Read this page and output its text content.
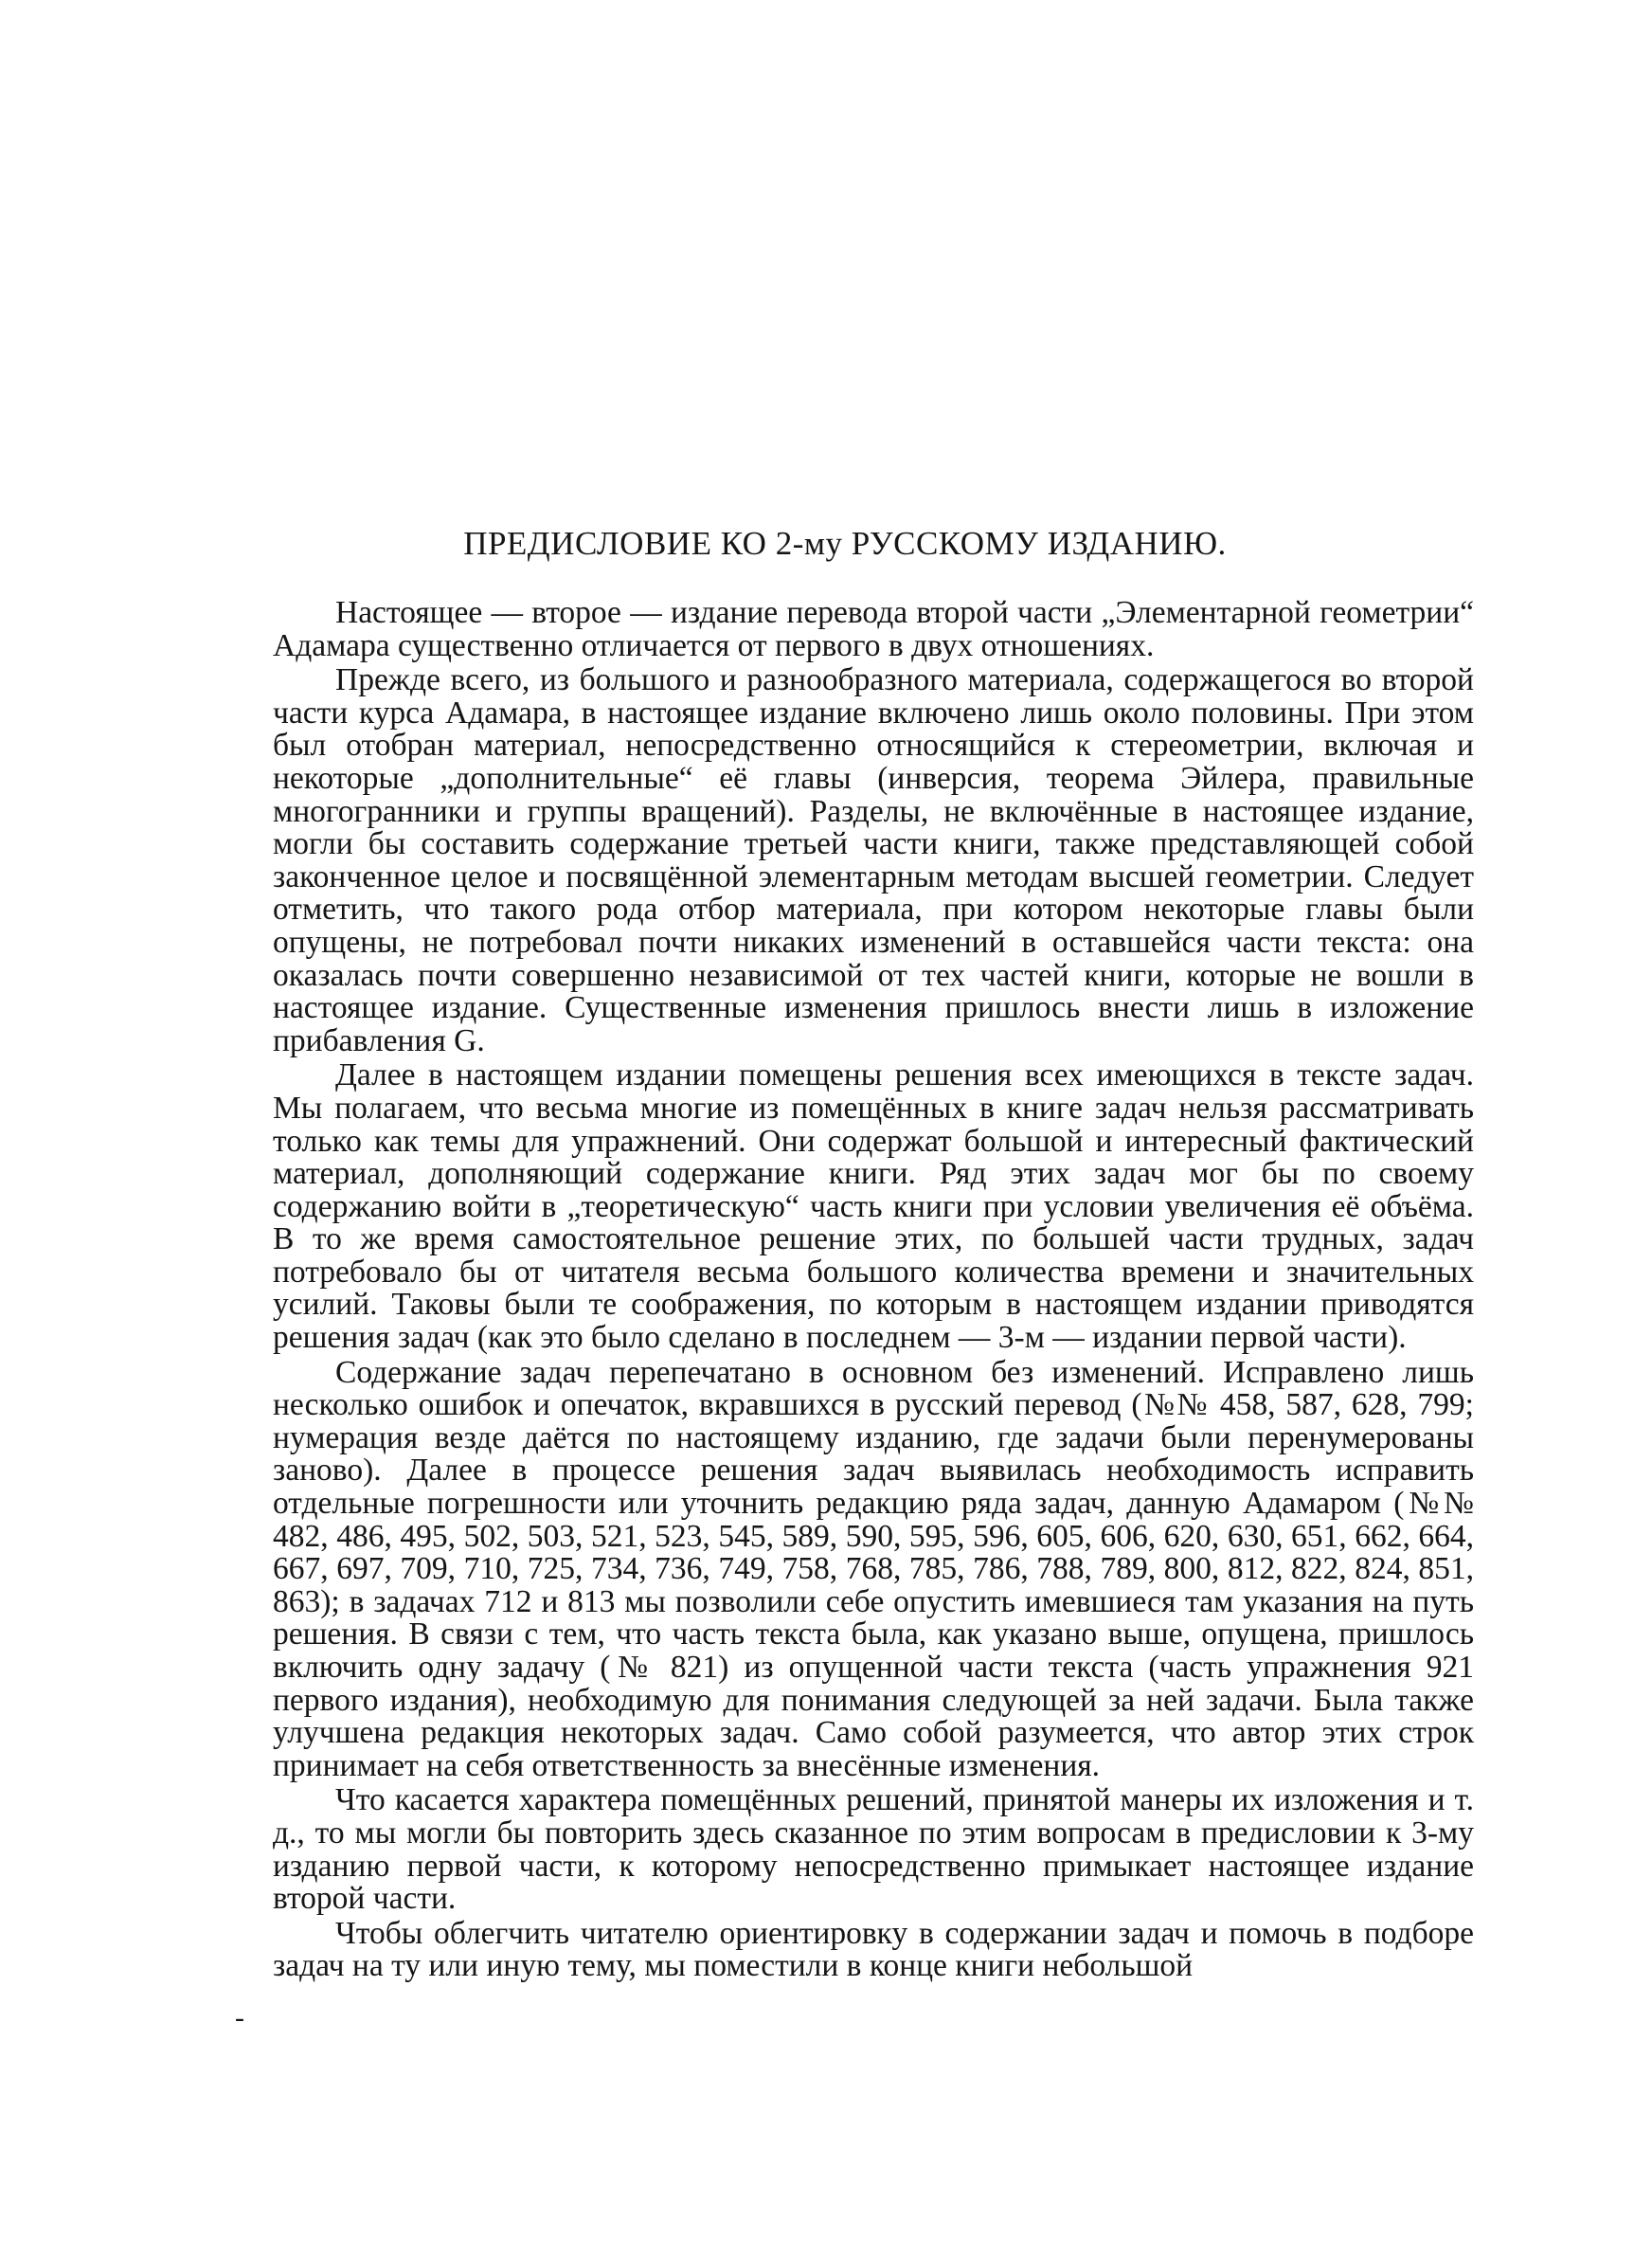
ПРЕДИСЛОВИЕ КО 2-му РУССКОМУ ИЗДАНИЮ.

Настоящее — второе — издание перевода второй части „Элементарной геометрии“ Адамара существенно отличается от первого в двух отношениях.

Прежде всего, из большого и разнообразного материала, содержащегося во второй части курса Адамара, в настоящее издание включено лишь около половины. При этом был отобран материал, непосредственно относящийся к стереометрии, включая и некоторые „дополнительные“ её главы (инверсия, теорема Эйлера, правильные многогранники и группы вращений). Разделы, не включённые в настоящее издание, могли бы составить содержание третьей части книги, также представляющей собой законченное целое и посвящённой элементарным методам высшей геометрии. Следует отметить, что такого рода отбор материала, при котором некоторые главы были опущены, не потребовал почти никаких изменений в оставшейся части текста: она оказалась почти совершенно независимой от тех частей книги, которые не вошли в настоящее издание. Существенные изменения пришлось внести лишь в изложение прибавления G.

Далее в настоящем издании помещены решения всех имеющихся в тексте задач. Мы полагаем, что весьма многие из помещённых в книге задач нельзя рассматривать только как темы для упражнений. Они содержат большой и интересный фактический материал, дополняющий содержание книги. Ряд этих задач мог бы по своему содержанию войти в „теоретическую“ часть книги при условии увеличения её объёма. В то же время самостоятельное решение этих, по большей части трудных, задач потребовало бы от читателя весьма большого количества времени и значительных усилий. Таковы были те соображения, по которым в настоящем издании приводятся решения задач (как это было сделано в последнем — 3-м — издании первой части).

Содержание задач перепечатано в основном без изменений. Исправлено лишь несколько ошибок и опечаток, вкравшихся в русский перевод (№№ 458, 587, 628, 799; нумерация везде даётся по настоящему изданию, где задачи были перенумерованы заново). Далее в процессе решения задач выявилась необходимость исправить отдельные погрешности или уточнить редакцию ряда задач, данную Адамаром (№№ 482, 486, 495, 502, 503, 521, 523, 545, 589, 590, 595, 596, 605, 606, 620, 630, 651, 662, 664, 667, 697, 709, 710, 725, 734, 736, 749, 758, 768, 785, 786, 788, 789, 800, 812, 822, 824, 851, 863); в задачах 712 и 813 мы позволили себе опустить имевшиеся там указания на путь решения. В связи с тем, что часть текста была, как указано выше, опущена, пришлось включить одну задачу (№ 821) из опущенной части текста (часть упражнения 921 первого издания), необходимую для понимания следующей за ней задачи. Была также улучшена редакция некоторых задач. Само собой разумеется, что автор этих строк принимает на себя ответственность за внесённые изменения.

Что касается характера помещённых решений, принятой манеры их изложения и т. д., то мы могли бы повторить здесь сказанное по этим вопросам в предисловии к 3-му изданию первой части, к которому непосредственно примыкает настоящее издание второй части.

Чтобы облегчить читателю ориентировку в содержании задач и помочь в подборе задач на ту или иную тему, мы поместили в конце книги небольшой

-
